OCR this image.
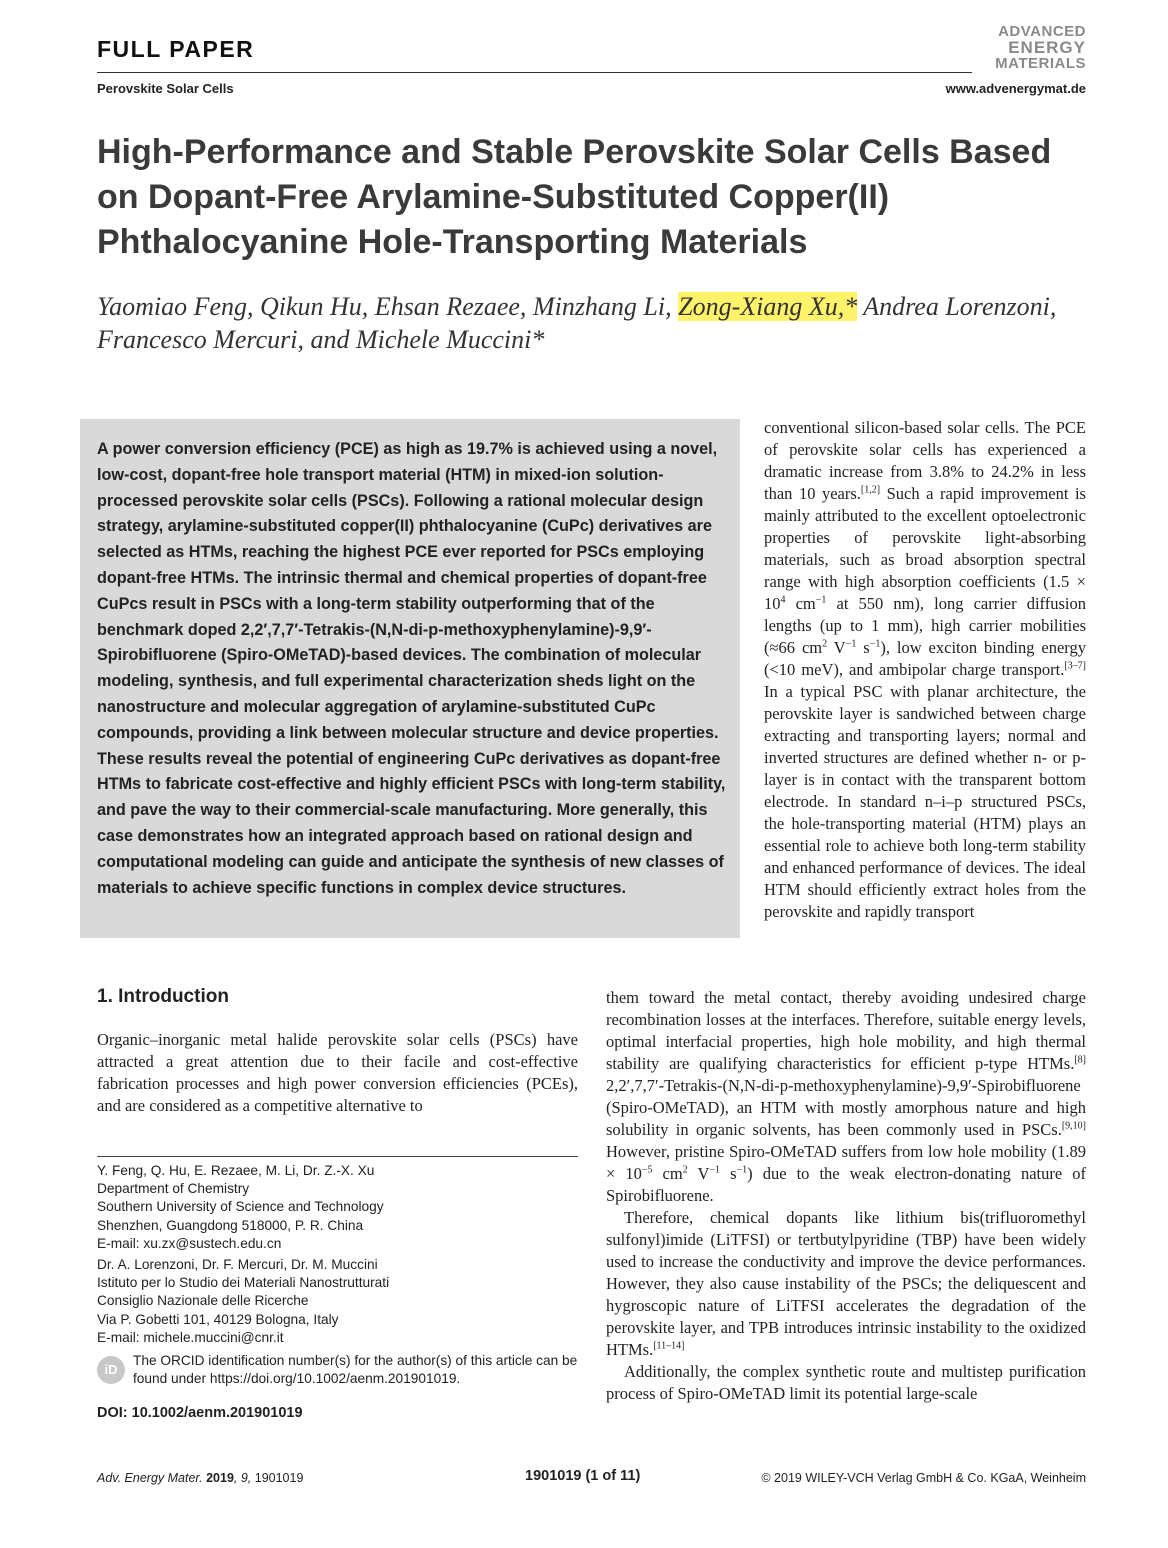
FULL PAPER
Perovskite Solar Cells
ADVANCED
ENERGY
MATERIALS
www.advenergymat.de
High-Performance and Stable Perovskite Solar Cells Based on Dopant-Free Arylamine-Substituted Copper(II) Phthalocyanine Hole-Transporting Materials
Yaomiao Feng, Qikun Hu, Ehsan Rezaee, Minzhang Li, Zong-Xiang Xu,* Andrea Lorenzoni, Francesco Mercuri, and Michele Muccini*
A power conversion efficiency (PCE) as high as 19.7% is achieved using a novel, low-cost, dopant-free hole transport material (HTM) in mixed-ion solution-processed perovskite solar cells (PSCs). Following a rational molecular design strategy, arylamine-substituted copper(II) phthalocyanine (CuPc) derivatives are selected as HTMs, reaching the highest PCE ever reported for PSCs employing dopant-free HTMs. The intrinsic thermal and chemical properties of dopant-free CuPcs result in PSCs with a long-term stability outperforming that of the benchmark doped 2,2′,7,7′-Tetrakis-(N,N-di-p-methoxyphenylamine)-9,9′-Spirobifluorene (Spiro-OMeTAD)-based devices. The combination of molecular modeling, synthesis, and full experimental characterization sheds light on the nanostructure and molecular aggregation of arylamine-substituted CuPc compounds, providing a link between molecular structure and device properties. These results reveal the potential of engineering CuPc derivatives as dopant-free HTMs to fabricate cost-effective and highly efficient PSCs with long-term stability, and pave the way to their commercial-scale manufacturing. More generally, this case demonstrates how an integrated approach based on rational design and computational modeling can guide and anticipate the synthesis of new classes of materials to achieve specific functions in complex device structures.

conventional silicon-based solar cells. The PCE of perovskite solar cells has experienced a dramatic increase from 3.8% to 24.2% in less than 10 years.[1,2] Such a rapid improvement is mainly attributed to the excellent optoelectronic properties of perovskite light-absorbing materials, such as broad absorption spectral range with high absorption coefficients ($1.5 \times 10^4$ $cm^{-1}$ at 550 nm), long carrier diffusion lengths (up to 1 mm), high carrier mobilities (≈66 $cm^2$ $V^{-1}$ $s^{-1}$), low exciton binding energy (<10 meV), and ambipolar charge transport.[3–7] In a typical PSC with planar architecture, the perovskite layer is sandwiched between charge extracting and transporting layers; normal and inverted structures are defined whether n- or p-layer is in contact with the transparent bottom electrode. In standard n–i–p structured PSCs, the hole-transporting material (HTM) plays an essential role to achieve both long-term stability and enhanced performance of devices. The ideal HTM should efficiently extract holes from the perovskite and rapidly transport

them toward the metal contact, thereby avoiding undesired charge recombination losses at the interfaces. Therefore, suitable energy levels, optimal interfacial properties, high hole mobility, and high thermal stability are qualifying characteristics for efficient p-type HTMs.[8] 2,2′,7,7′-Tetrakis-(N,N-di-p-methoxyphenylamine)-9,9′-Spirobifluorene (Spiro-OMeTAD), an HTM with mostly amorphous nature and high solubility in organic solvents, has been commonly used in PSCs.[9,10] However, pristine Spiro-OMeTAD suffers from low hole mobility ($1.89 \times 10^{-5}$ $cm^2$ $V^{-1}$ $s^{-1}$) due to the weak electron-donating nature of Spirobifluorene.

Therefore, chemical dopants like lithium bis(trifluoromethyl sulfonyl)imide (LiTFSI) or tertbutylpyridine (TBP) have been widely used to increase the conductivity and improve the device performances. However, they also cause instability of the PSCs; the deliquescent and hygroscopic nature of LiTFSI accelerates the degradation of the perovskite layer, and TPB introduces intrinsic instability to the oxidized HTMs.[11–14]

Additionally, the complex synthetic route and multistep purification process of Spiro-OMeTAD limit its potential large-scale

1. Introduction
Organic–inorganic metal halide perovskite solar cells (PSCs) have attracted a great attention due to their facile and cost-effective fabrication processes and high power conversion efficiencies (PCEs), and are considered as a competitive alternative to
Y. Feng, Q. Hu, E. Rezaee, M. Li, Dr. Z.-X. Xu
Department of Chemistry
Southern University of Science and Technology
Shenzhen, Guangdong 518000, P. R. China
E-mail: xu.zx@sustech.edu.cn
Dr. A. Lorenzoni, Dr. F. Mercuri, Dr. M. Muccini
Istituto per lo Studio dei Materiali Nanostrutturati
Consiglio Nazionale delle Ricerche
Via P. Gobetti 101, 40129 Bologna, Italy
E-mail: michele.muccini@cnr.it
iD
The ORCID identification number(s) for the author(s) of this article can be found under https://doi.org/10.1002/aenm.201901019.
DOI: 10.1002/aenm.201901019
Adv. Energy Mater. 2019, 9, 1901019	1901019 (1 of 11)	© 2019 WILEY-VCH Verlag GmbH & Co. KGaA, Weinheim
